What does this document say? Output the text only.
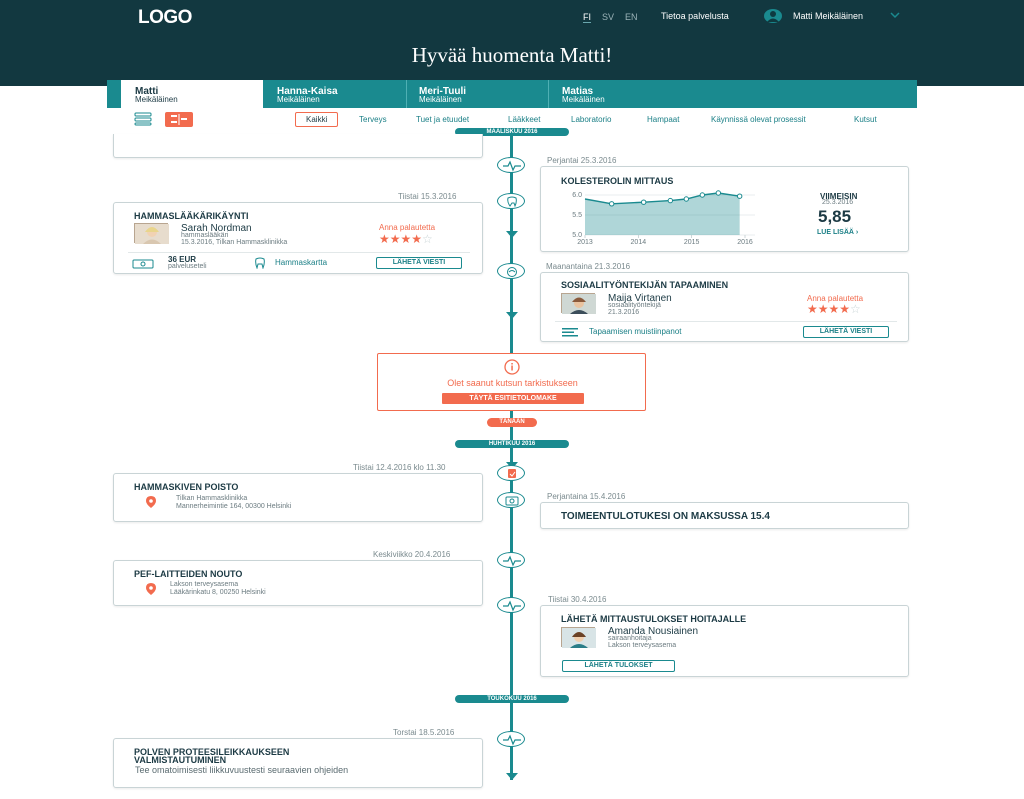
LOGO	FI SV EN	Tietoa palvelusta	Matti Meikäläinen
Hyvää huomenta Matti!
Matti
Meikäläinen
Hanna-Kaisa
Meikäläinen
Meri-Tuuli
Meikäläinen
Matias
Meikäläinen
Kaikki	Terveys	Tuet ja etuudet	Lääkkeet	Laboratorio	Hampaat	Käynnissä olevat prosessit	Kutsut
MAALISKUU 2016
HUHTIKUU 2016
TOUKOKUU 2016
Perjantai 25.3.2016
KOLESTEROLIN MITTAUS
5.0
5.5
6.0
2013	2014	2015	2016
VIIMEISIN
25.3.2016
5,85
LUE LISÄÄ ›
Tiistai 15.3.2016
HAMMASLÄÄKÄRIKÄYNTI
Sarah Nordman
hammaslääkäri
15.3.2016, Tilkan Hammasklinikka
Anna palautetta
★★★★☆
36 EUR
palveluseteli	Hammaskartta	LÄHETÄ VIESTI	Maanantaina 21.3.2016
SOSIAALITYÖNTEKIJÄN TAPAAMINEN
Maija Virtanen
sosiaalityöntekijä
21.3.2016
Anna palautetta
★★★★☆
Tapaamisen muistiinpanot	LÄHETÄ VIESTI
Olet saanut kutsun tarkistukseen
TÄYTÄ ESITIETOLOMAKE
TÄNÄÄN
Tiistai 12.4.2016 klo 11.30
HAMMASKIVEN POISTO
Tilkan Hammasklinikka
Mannerheimintie 164, 00300 Helsinki
Perjantaina 15.4.2016
TOIMEENTULOTUKESI ON MAKSUSSA 15.4
Keskiviikko 20.4.2016
PEF-LAITTEIDEN NOUTO
Lakson terveysasema
Lääkärinkatu 8, 00250 Helsinki
Tiistai 30.4.2016
LÄHETÄ MITTAUSTULOKSET HOITAJALLE
Amanda Nousiainen
sairaanhoitaja
Lakson terveysasema
LÄHETÄ TULOKSET
Torstai 18.5.2016
POLVEN PROTEESILEIKKAUKSEEN
VALMISTAUTUMINEN
Tee omatoimisesti liikkuvuustesti seuraavien ohjeiden
